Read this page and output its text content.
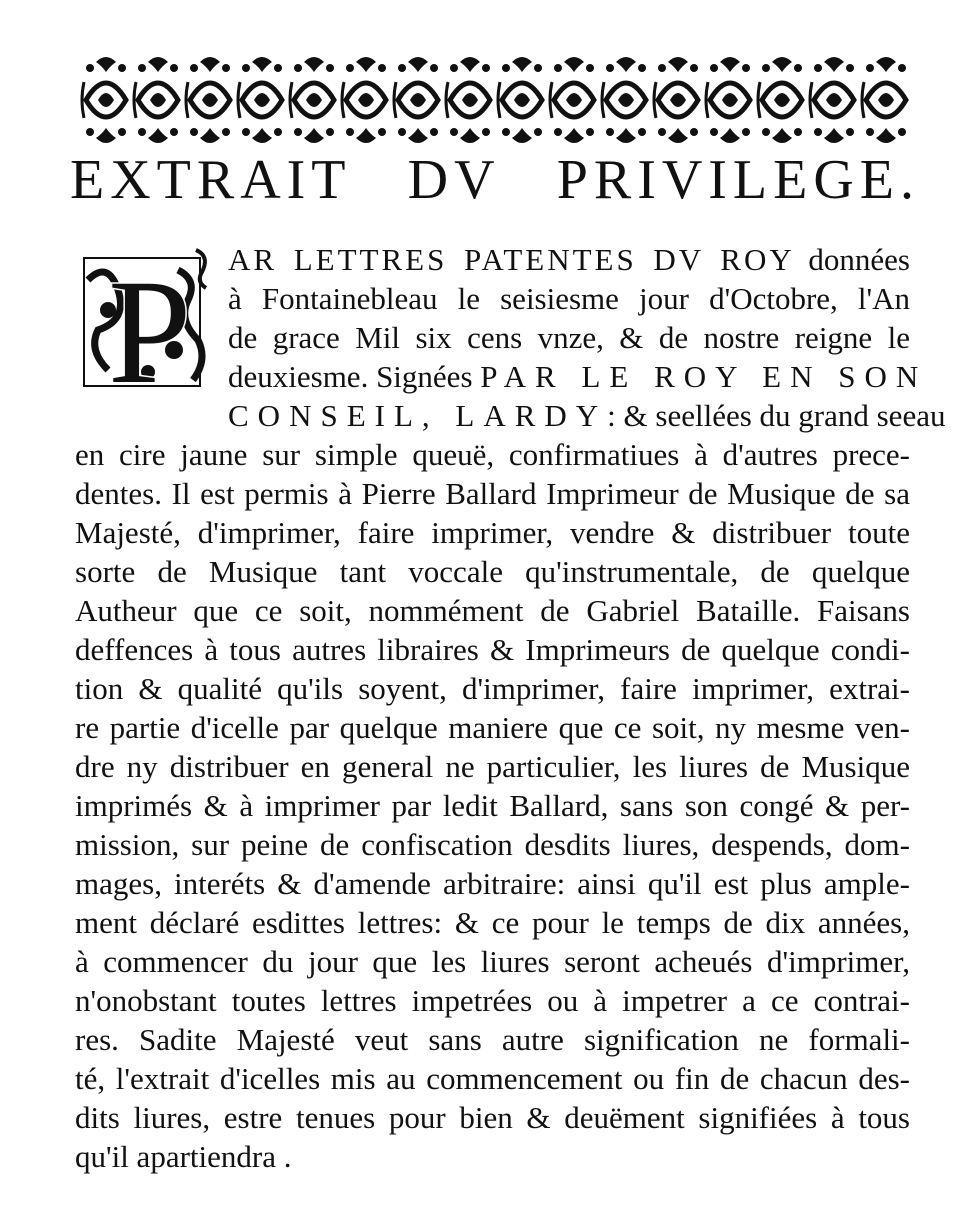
EXTRAIT DV PRIVILEGE.
P AR LETTRES PATENTES DV ROY données
à Fontainebleau le seisiesme jour d'Octobre, l'An
de grace Mil six cens vnze, & de nostre reigne le
deuxiesme. Signées PAR LE ROY EN SON
CONSEIL, LARDY: & seellées du grand seeau
en cire jaune sur simple queuë, confirmatiues à d'autres prece-
dentes. Il est permis à Pierre Ballard Imprimeur de Musique de sa
Majesté, d'imprimer, faire imprimer, vendre & distribuer toute
sorte de Musique tant voccale qu'instrumentale, de quelque
Autheur que ce soit, nommément de Gabriel Bataille. Faisans
deffences à tous autres libraires & Imprimeurs de quelque condi-
tion & qualité qu'ils soyent, d'imprimer, faire imprimer, extrai-
re partie d'icelle par quelque maniere que ce soit, ny mesme ven-
dre ny distribuer en general ne particulier, les liures de Musique
imprimés & à imprimer par ledit Ballard, sans son congé & per-
mission, sur peine de confiscation desdits liures, despends, dom-
mages, interéts & d'amende arbitraire: ainsi qu'il est plus ample-
ment déclaré esdittes lettres: & ce pour le temps de dix années,
à commencer du jour que les liures seront acheués d'imprimer,
n'onobstant toutes lettres impetrées ou à impetrer a ce contrai-
res. Sadite Majesté veut sans autre signification ne formali-
té, l'extrait d'icelles mis au commencement ou fin de chacun des-
dits liures, estre tenues pour bien & deuëment signifiées à tous
qu'il apartiendra .
